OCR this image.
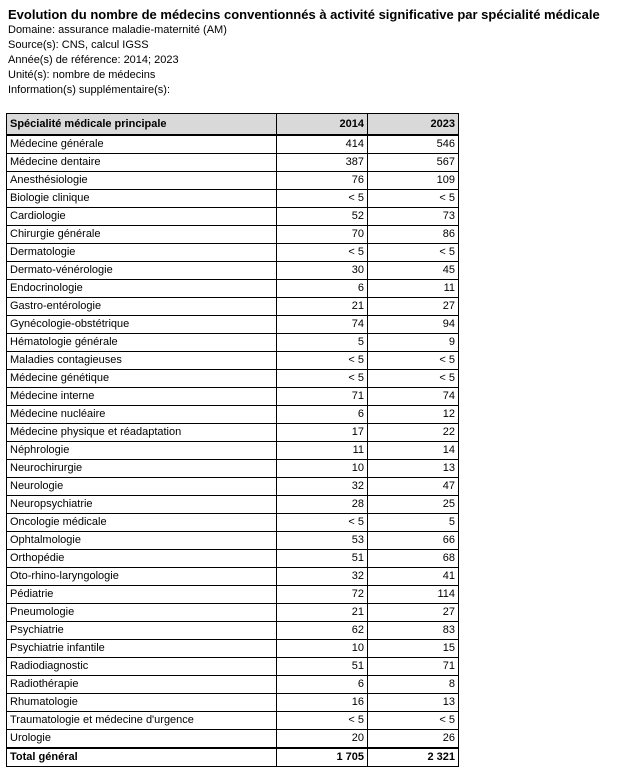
Evolution du nombre de médecins conventionnés à activité significative par spécialité médicale
Domaine: assurance maladie-maternité (AM)
Source(s): CNS, calcul IGSS
Année(s) de référence: 2014; 2023
Unité(s): nombre de médecins
Information(s) supplémentaire(s):
Spécialité médicale principale	2014	2023
Médecine générale	414	546
Médecine dentaire	387	567
Anesthésiologie	76	109
Biologie clinique	< 5	< 5
Cardiologie	52	73
Chirurgie générale	70	86
Dermatologie	< 5	< 5
Dermato-vénérologie	30	45
Endocrinologie	6	11
Gastro-entérologie	21	27
Gynécologie-obstétrique	74	94
Hématologie générale	5	9
Maladies contagieuses	< 5	< 5
Médecine génétique	< 5	< 5
Médecine interne	71	74
Médecine nucléaire	6	12
Médecine physique et réadaptation	17	22
Néphrologie	11	14
Neurochirurgie	10	13
Neurologie	32	47
Neuropsychiatrie	28	25
Oncologie médicale	< 5	5
Ophtalmologie	53	66
Orthopédie	51	68
Oto-rhino-laryngologie	32	41
Pédiatrie	72	114
Pneumologie	21	27
Psychiatrie	62	83
Psychiatrie infantile	10	15
Radiodiagnostic	51	71
Radiothérapie	6	8
Rhumatologie	16	13
Traumatologie et médecine d'urgence	< 5	< 5
Urologie	20	26
Total général	1 705	2 321
